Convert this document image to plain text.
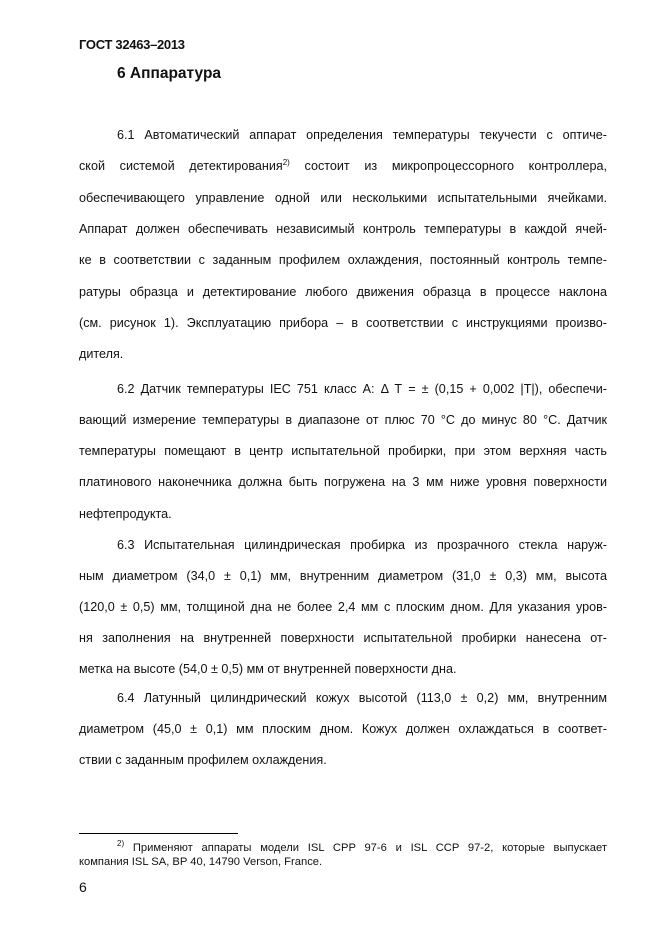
ГОСТ 32463–2013
6 Аппаратура
6.1 Автоматический аппарат определения температуры текучести с оптиче-
ской системой детектирования$^{2)}$ состоит из микропроцессорного контроллера,
обеспечивающего управление одной или несколькими испытательными ячейками.
Аппарат должен обеспечивать независимый контроль температуры в каждой ячей-
ке в соответствии с заданным профилем охлаждения, постоянный контроль темпе-
ратуры образца и детектирование любого движения образца в процессе наклона
(см. рисунок 1). Эксплуатацию прибора – в соответствии с инструкциями произво-
дителя.
6.2 Датчик температуры IEC 751 класс А: Δ Т = ± (0,15 + 0,002 |Т|), обеспечи-
вающий измерение температуры в диапазоне от плюс 70 °С до минус 80 °С. Датчик
температуры помещают в центр испытательной пробирки, при этом верхняя часть
платинового наконечника должна быть погружена на 3 мм ниже уровня поверхности
нефтепродукта.
6.3 Испытательная цилиндрическая пробирка из прозрачного стекла наруж-
ным диаметром (34,0 ± 0,1) мм, внутренним диаметром (31,0 ± 0,3) мм, высота
(120,0 ± 0,5) мм, толщиной дна не более 2,4 мм с плоским дном. Для указания уров-
ня заполнения на внутренней поверхности испытательной пробирки нанесена от-
метка на высоте (54,0 ± 0,5) мм от внутренней поверхности дна.
6.4 Латунный цилиндрический кожух высотой (113,0 ± 0,2) мм, внутренним
диаметром (45,0 ± 0,1) мм плоским дном. Кожух должен охлаждаться в соответ-
ствии с заданным профилем охлаждения.
$^{2)}$ Применяют аппараты модели ISL CPP 97-6 и ISL CCP 97-2, которые выпускает
компания ISL SA, BP 40, 14790 Verson, France.
6
